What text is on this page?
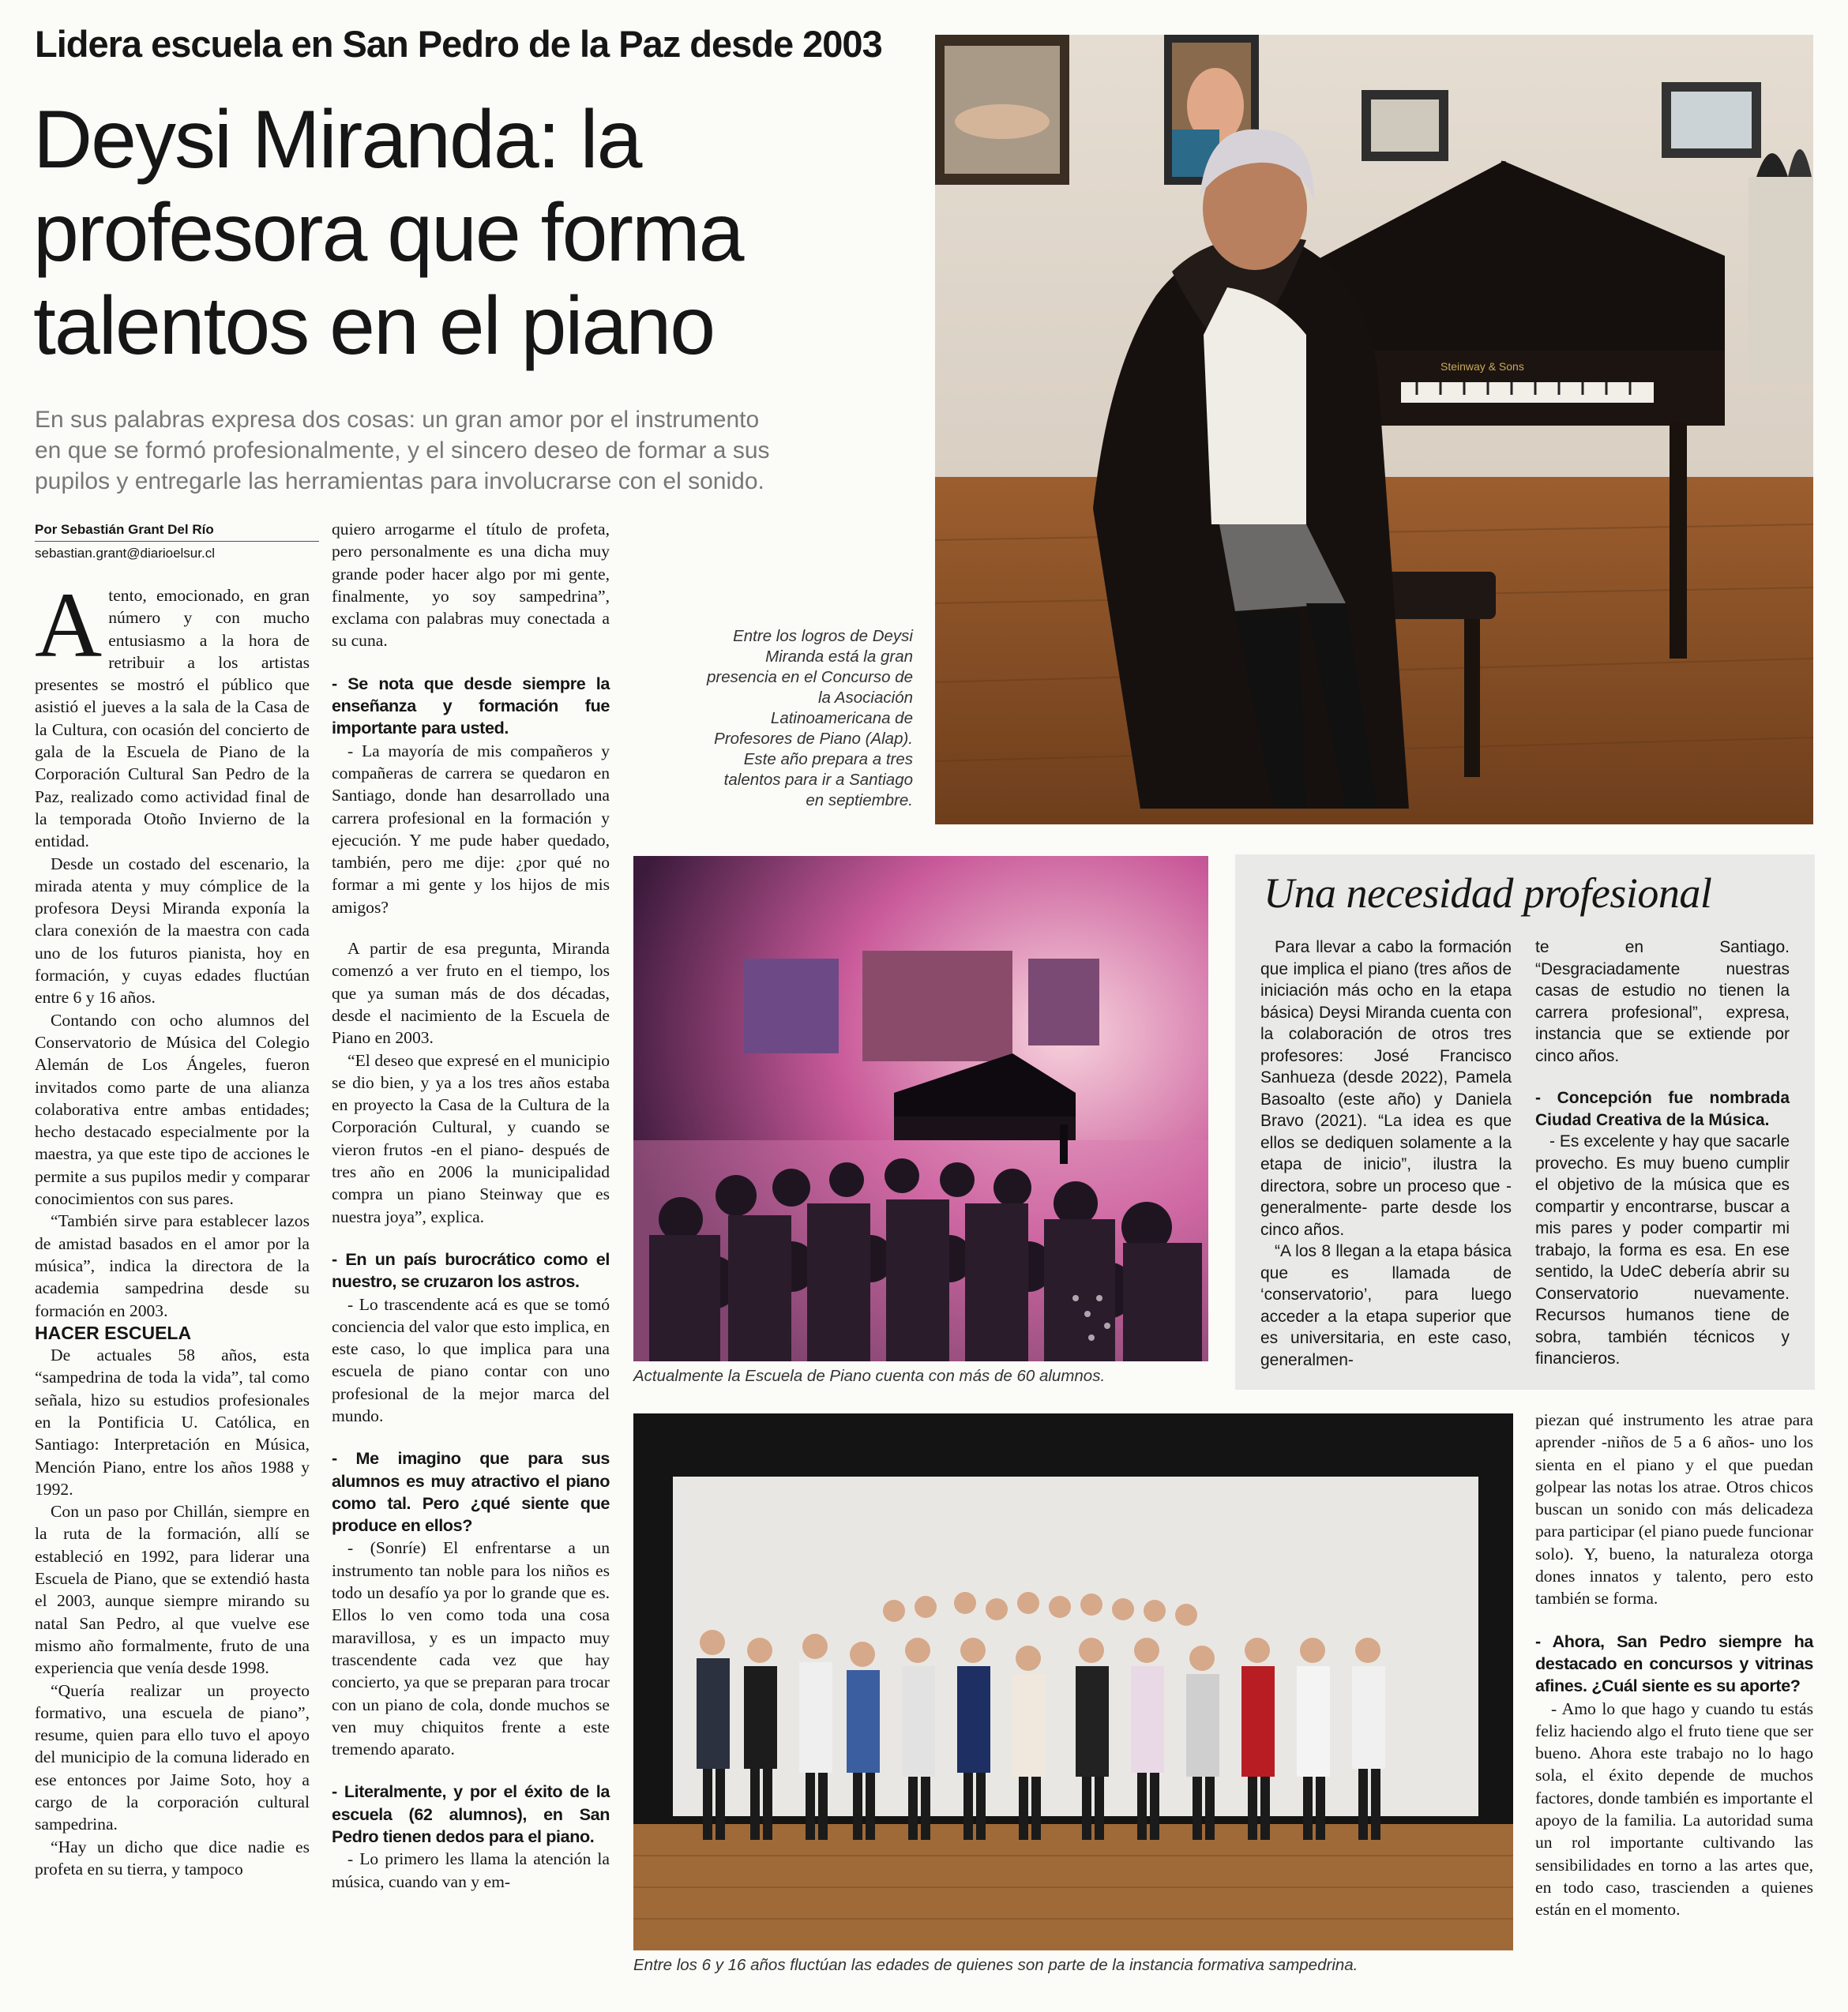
Lidera escuela en San Pedro de la Paz desde 2003
Deysi Miranda: la
profesora que forma
talentos en el piano
En sus palabras expresa dos cosas: un gran amor por el instrumento
en que se formó profesionalmente, y el sincero deseo de formar a sus
pupilos y entregarle las herramientas para involucrarse con el sonido.
Por Sebastián Grant Del Río
sebastian.grant@diarioelsur.cl
A tento, emocionado, en gran número y con mucho entusiasmo a la hora de retribuir a los artistas presentes se mostró el público que asistió el jueves a la sala de la Casa de la Cultura, con ocasión del concierto de gala de la Escuela de Piano de la Corporación Cultural San Pedro de la Paz, realizado como actividad final de la temporada Otoño Invierno de la entidad.

Desde un costado del escenario, la mirada atenta y muy cómplice de la profesora Deysi Miranda exponía la clara conexión de la maestra con cada uno de los futuros pianista, hoy en formación, y cuyas edades fluctúan entre 6 y 16 años.

Contando con ocho alumnos del Conservatorio de Música del Colegio Alemán de Los Ángeles, fueron invitados como parte de una alianza colaborativa entre ambas entidades; hecho destacado especialmente por la maestra, ya que este tipo de acciones le permite a sus pupilos medir y comparar conocimientos con sus pares.

“También sirve para establecer lazos de amistad basados en el amor por la música”, indica la directora de la academia sampedrina desde su formación en 2003.

HACER ESCUELA

De actuales 58 años, esta “sampedrina de toda la vida”, tal como señala, hizo su estudios profesionales en la Pontificia U. Católica, en Santiago: Interpretación en Música, Mención Piano, entre los años 1988 y 1992.

Con un paso por Chillán, siempre en la ruta de la formación, allí se estableció en 1992, para liderar una Escuela de Piano, que se extendió hasta el 2003, aunque siempre mirando su natal San Pedro, al que vuelve ese mismo año formalmente, fruto de una experiencia que venía desde 1998.

“Quería realizar un proyecto formativo, una escuela de piano”, resume, quien para ello tuvo el apoyo del municipio de la comuna liderado en ese entonces por Jaime Soto, hoy a cargo de la corporación cultural sampedrina.

“Hay un dicho que dice nadie es profeta en su tierra, y tampoco

quiero arrogarme el título de profeta, pero personalmente es una dicha muy grande poder hacer algo por mi gente, finalmente, yo soy sampedrina”, exclama con palabras muy conectada a su cuna.

- Se nota que desde siempre la enseñanza y formación fue importante para usted.

- La mayoría de mis compañeros y compañeras de carrera se quedaron en Santiago, donde han desarrollado una carrera profesional en la formación y ejecución. Y me pude haber quedado, también, pero me dije: ¿por qué no formar a mi gente y los hijos de mis amigos?

A partir de esa pregunta, Miranda comenzó a ver fruto en el tiempo, los que ya suman más de dos décadas, desde el nacimiento de la Escuela de Piano en 2003.

“El deseo que expresé en el municipio se dio bien, y ya a los tres años estaba en proyecto la Casa de la Cultura de la Corporación Cultural, y cuando se vieron frutos -en el piano- después de tres año en 2006 la municipalidad compra un piano Steinway que es nuestra joya”, explica.

- En un país burocrático como el nuestro, se cruzaron los astros.

- Lo trascendente acá es que se tomó conciencia del valor que esto implica, en este caso, lo que implica para una escuela de piano contar con uno profesional de la mejor marca del mundo.

- Me imagino que para sus alumnos es muy atractivo el piano como tal. Pero ¿qué siente que produce en ellos?

- (Sonríe) El enfrentarse a un instrumento tan noble para los niños es todo un desafío ya por lo grande que es. Ellos lo ven como toda una cosa maravillosa, y es un impacto muy trascendente cada vez que hay concierto, ya que se preparan para trocar con un piano de cola, donde muchos se ven muy chiquitos frente a este tremendo aparato.

- Literalmente, y por el éxito de la escuela (62 alumnos), en San Pedro tienen dedos para el piano.

- Lo primero les llama la atención la música, cuando van y em-

Steinway & Sons
Entre los logros de Deysi Miranda está la gran presencia en el Concurso de la Asociación Latinoamericana de Profesores de Piano (Alap). Este año prepara a tres talentos para ir a Santiago en septiembre.
Actualmente la Escuela de Piano cuenta con más de 60 alumnos.
Una necesidad profesional

Para llevar a cabo la formación que implica el piano (tres años de iniciación más ocho en la etapa básica) Deysi Miranda cuenta con la colaboración de otros tres profesores: José Francisco Sanhueza (desde 2022), Pamela Basoalto (este año) y Daniela Bravo (2021). “La idea es que ellos se dediquen solamente a la etapa de inicio”, ilustra la directora, sobre un proceso que -generalmente- parte desde los cinco años.

“A los 8 llegan a la etapa básica que es llamada de ‘conservatorio’, para luego acceder a la etapa superior que es universitaria, en este caso, generalmen-

te en Santiago. “Desgraciadamente nuestras casas de estudio no tienen la carrera profesional”, expresa, instancia que se extiende por cinco años.

- Concepción fue nombrada Ciudad Creativa de la Música.

- Es excelente y hay que sacarle provecho. Es muy bueno cumplir el objetivo de la música que es compartir y encontrarse, buscar a mis pares y poder compartir mi trabajo, la forma es esa. En ese sentido, la UdeC debería abrir su Conservatorio nuevamente. Recursos humanos tiene de sobra, también técnicos y financieros.

Entre los 6 y 16 años fluctúan las edades de quienes son parte de la instancia formativa sampedrina.

piezan qué instrumento les atrae para aprender -niños de 5 a 6 años- uno los sienta en el piano y el que puedan golpear las notas los atrae. Otros chicos buscan un sonido con más delicadeza para participar (el piano puede funcionar solo). Y, bueno, la naturaleza otorga dones innatos y talento, pero esto también se forma.

- Ahora, San Pedro siempre ha destacado en concursos y vitrinas afines. ¿Cuál siente es su aporte?

- Amo lo que hago y cuando tu estás feliz haciendo algo el fruto tiene que ser bueno. Ahora este trabajo no lo hago sola, el éxito depende de muchos factores, donde también es importante el apoyo de la familia. La autoridad suma un rol importante cultivando las sensibilidades en torno a las artes que, en todo caso, trascienden a quienes están en el momento.
